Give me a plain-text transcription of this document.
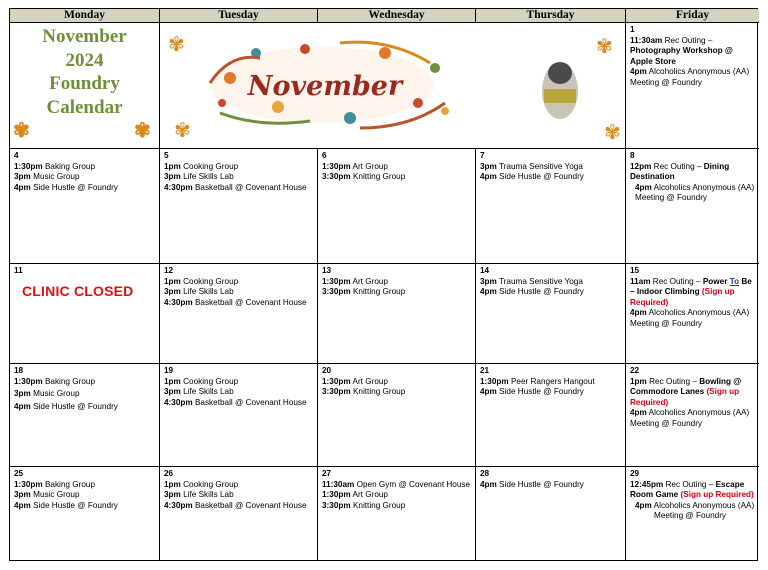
Monday	Tuesday	Wednesday	Thursday	Friday
November
2024
Foundry
Calendar
✾	✾
November
✾
✾
✾
✾
1
11:30am Rec Outing – Photography Workshop @ Apple Store
4pm Alcoholics Anonymous (AA) Meeting @ Foundry
4
1:30pm Baking Group
3pm Music Group
4pm Side Hustle @ Foundry
5
1pm Cooking Group
3pm Life Skills Lab
4:30pm Basketball @ Covenant House
6
1:30pm Art Group
3:30pm Knitting Group
7
3pm Trauma Sensitive Yoga
4pm Side Hustle @ Foundry
8
12pm Rec Outing – Dining Destination
4pm Alcoholics Anonymous (AA) Meeting @ Foundry
11
CLINIC CLOSED
12
1pm Cooking Group
3pm Life Skills Lab
4:30pm Basketball @ Covenant House
13
1:30pm Art Group
3:30pm Knitting Group
14
3pm Trauma Sensitive Yoga
4pm Side Hustle @ Foundry
15
11am Rec Outing – Power To Be – Indoor Climbing (Sign up Required)
4pm Alcoholics Anonymous (AA) Meeting @ Foundry
18
1:30pm Baking Group
3pm Music Group
4pm Side Hustle @ Foundry
19
1pm Cooking Group
3pm Life Skills Lab
4:30pm Basketball @ Covenant House
20
1:30pm Art Group
3:30pm Knitting Group
21
1:30pm Peer Rangers Hangout
4pm Side Hustle @ Foundry
22
1pm Rec Outing – Bowling @ Commodore Lanes (Sign up Required)
4pm Alcoholics Anonymous (AA) Meeting @ Foundry
25
1:30pm Baking Group
3pm Music Group
4pm Side Hustle @ Foundry
26
1pm Cooking Group
3pm Life Skills Lab
4:30pm Basketball @ Covenant House
27
11:30am Open Gym @ Covenant House
1:30pm Art Group
3:30pm Knitting Group
28
4pm Side Hustle @ Foundry
29
12:45pm Rec Outing – Escape Room Game (Sign up Required)
4pm Alcoholics Anonymous (AA)
Meeting @ Foundry
